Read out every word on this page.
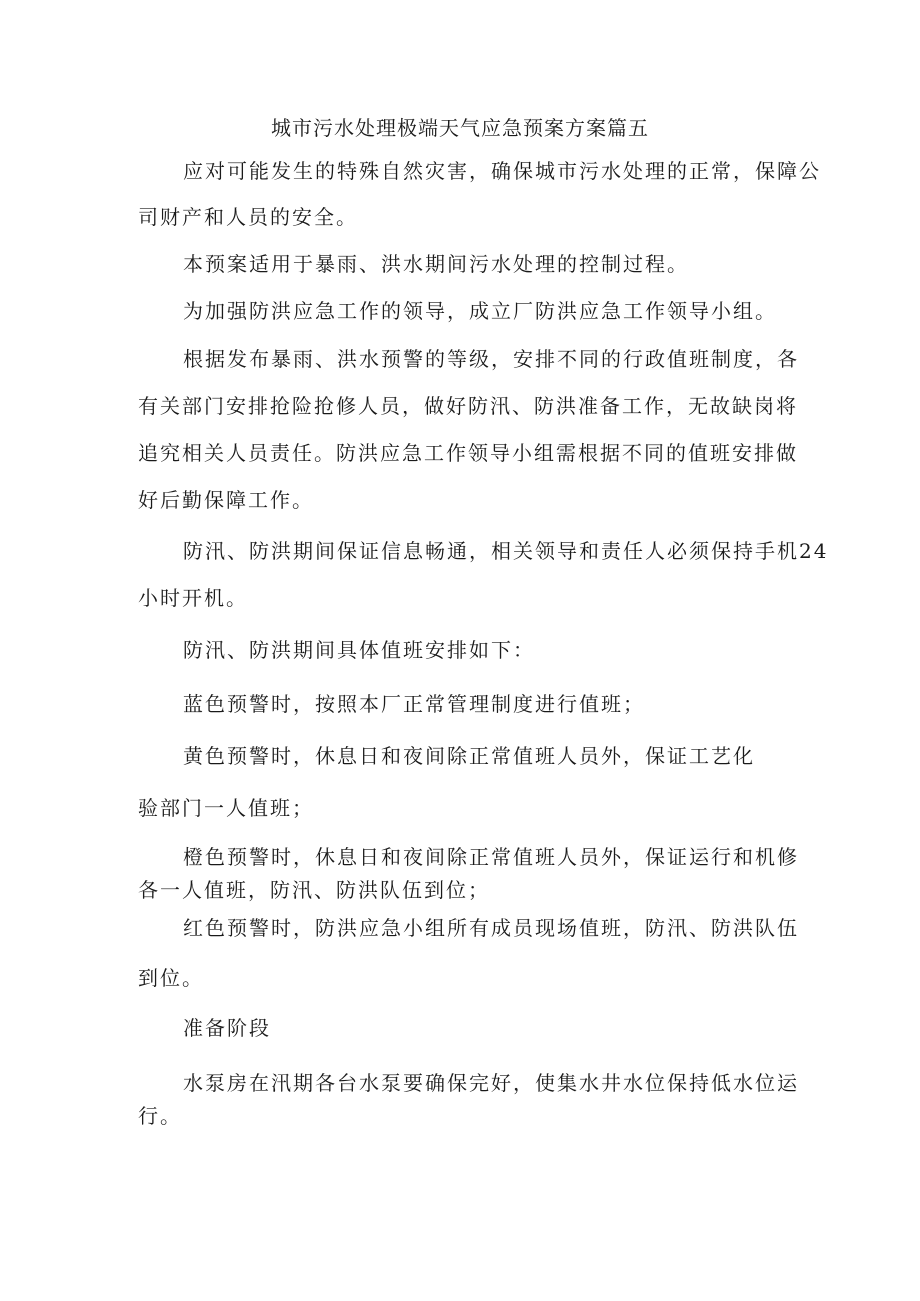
城市污水处理极端天气应急预案方案篇五
应对可能发生的特殊自然灾害，确保城市污水处理的正常，保障公
司财产和人员的安全。
本预案适用于暴雨、洪水期间污水处理的控制过程。
为加强防洪应急工作的领导，成立厂防洪应急工作领导小组。
根据发布暴雨、洪水预警的等级，安排不同的行政值班制度，各
有关部门安排抢险抢修人员，做好防汛、防洪准备工作，无故缺岗将
追究相关人员责任。防洪应急工作领导小组需根据不同的值班安排做
好后勤保障工作。
防汛、防洪期间保证信息畅通，相关领导和责任人必须保持手机24
小时开机。
防汛、防洪期间具体值班安排如下：
蓝色预警时，按照本厂正常管理制度进行值班；
黄色预警时，休息日和夜间除正常值班人员外，保证工艺化
验部门一人值班；
橙色预警时，休息日和夜间除正常值班人员外，保证运行和机修
各一人值班，防汛、防洪队伍到位；
红色预警时，防洪应急小组所有成员现场值班，防汛、防洪队伍
到位。
准备阶段
水泵房在汛期各台水泵要确保完好，使集水井水位保持低水位运
行。
